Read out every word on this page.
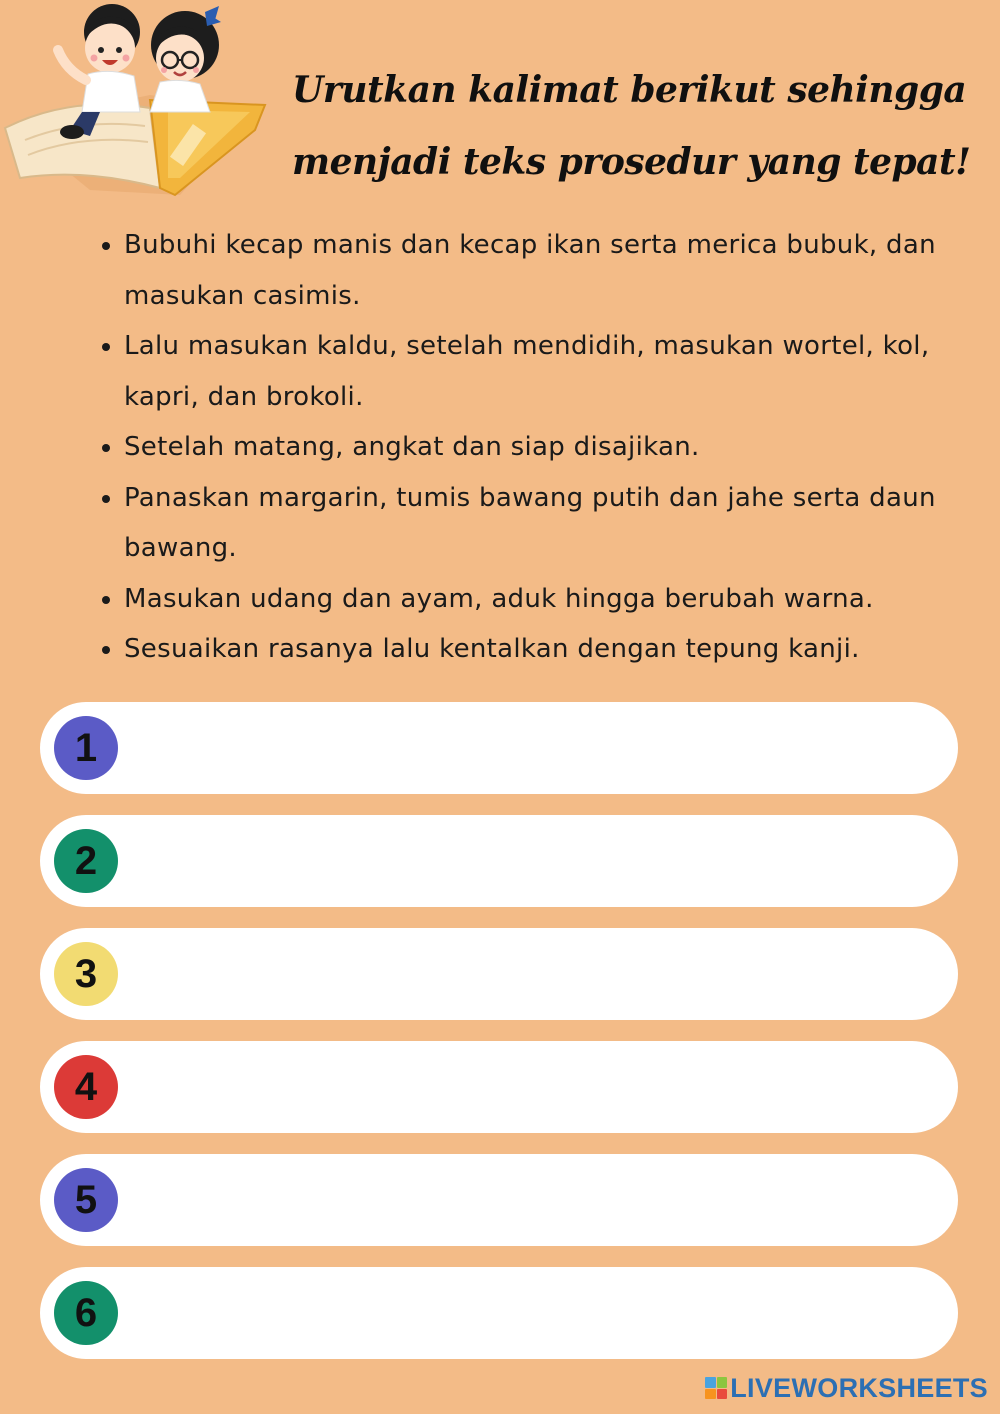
Urutkan kalimat berikut sehingga menjadi teks prosedur yang tepat!
• Bubuhi kecap manis dan kecap ikan serta merica bubuk, dan masukan casimis.
• Lalu masukan kaldu, setelah mendidih, masukan wortel, kol, kapri, dan brokoli.
• Setelah matang, angkat dan siap disajikan.
• Panaskan margarin, tumis bawang putih dan jahe serta daun bawang.
• Masukan udang dan ayam, aduk hingga berubah warna.
• Sesuaikan rasanya lalu kentalkan dengan tepung kanji.
1
2
3
4
5
6
LIVEWORKSHEETS
